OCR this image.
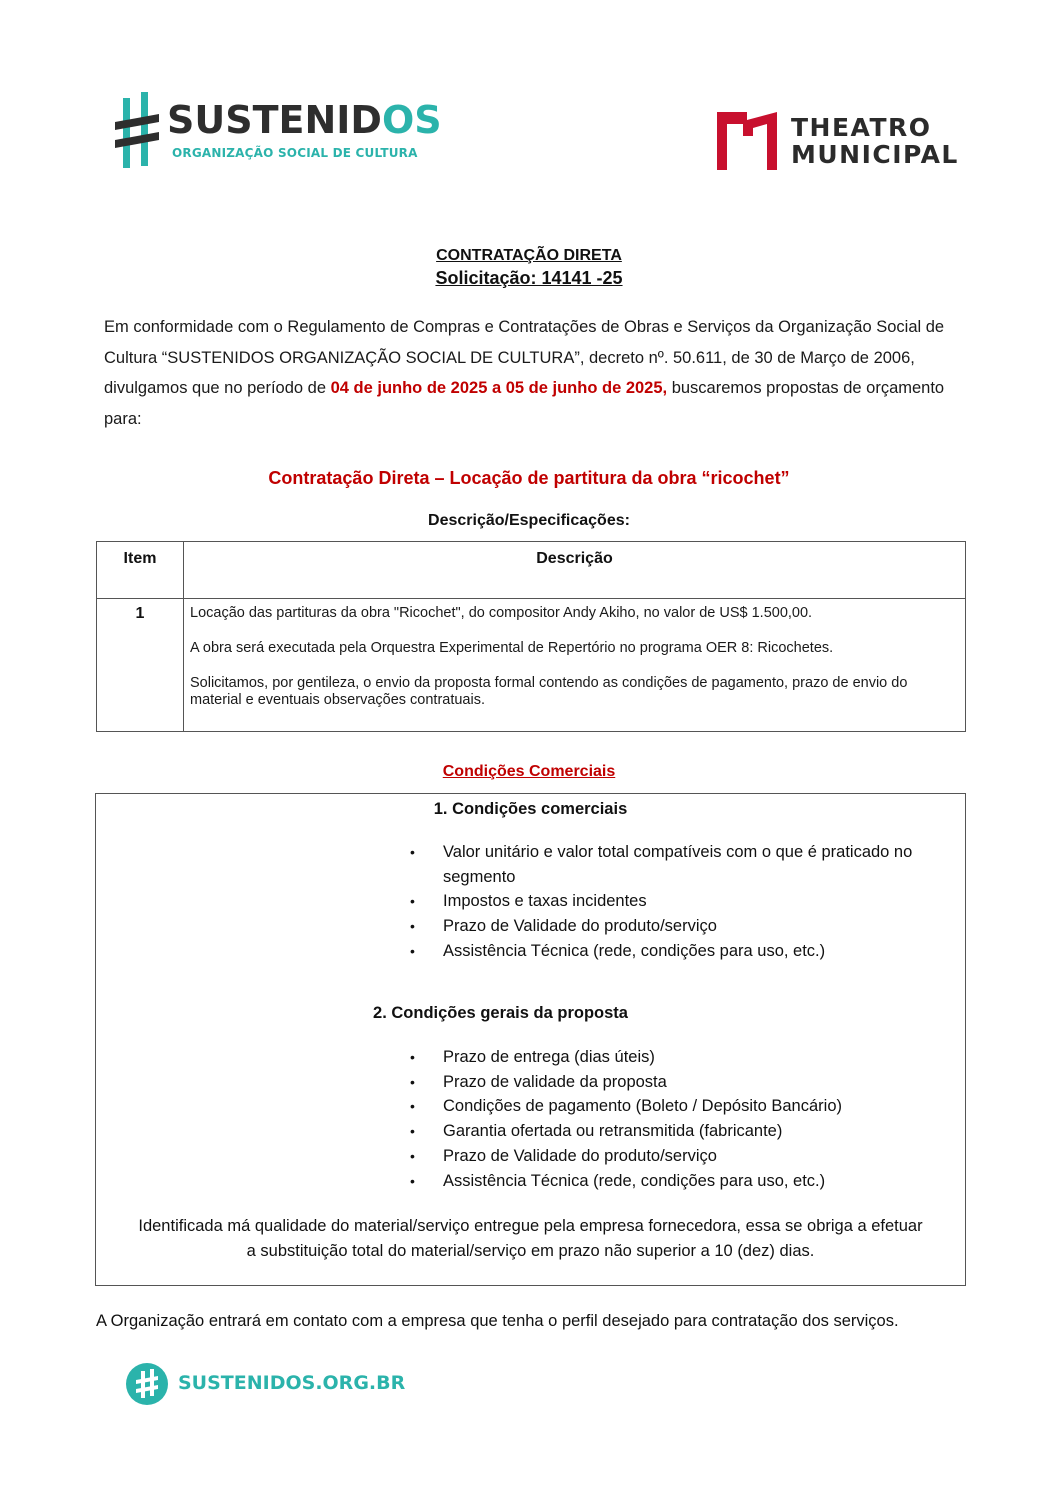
SUSTENIDOS
ORGANIZAÇÃO SOCIAL DE CULTURA
THEATRO
MUNICIPAL
CONTRATAÇÃO DIRETA
Solicitação: 14141 -25
Em conformidade com o Regulamento de Compras e Contratações de Obras e Serviços da Organização Social de Cultura “SUSTENIDOS ORGANIZAÇÃO SOCIAL DE CULTURA”, decreto nº. 50.611, de 30 de Março de 2006, divulgamos que no período de 04 de junho de 2025 a 05 de junho de 2025, buscaremos propostas de orçamento para:
Contratação Direta – Locação de partitura da obra “ricochet”
Descrição/Especificações:
Item	Descrição
1	Locação das partituras da obra "Ricochet", do compositor Andy Akiho, no valor de US$ 1.500,00.

A obra será executada pela Orquestra Experimental de Repertório no programa OER 8: Ricochetes.

Solicitamos, por gentileza, o envio da proposta formal contendo as condições de pagamento, prazo de envio do material e eventuais observações contratuais.

Condições Comerciais
1. Condições comerciais
• Valor unitário e valor total compatíveis com o que é praticado no segmento
• Impostos e taxas incidentes
• Prazo de Validade do produto/serviço
• Assistência Técnica (rede, condições para uso, etc.)
2. Condições gerais da proposta
• Prazo de entrega (dias úteis)
• Prazo de validade da proposta
• Condições de pagamento (Boleto / Depósito Bancário)
• Garantia ofertada ou retransmitida (fabricante)
• Prazo de Validade do produto/serviço
• Assistência Técnica (rede, condições para uso, etc.)
Identificada má qualidade do material/serviço entregue pela empresa fornecedora, essa se obriga a efetuar
a substituição total do material/serviço em prazo não superior a 10 (dez) dias.
A Organização entrará em contato com a empresa que tenha o perfil desejado para contratação dos serviços.
SUSTENIDOS.ORG.BR
